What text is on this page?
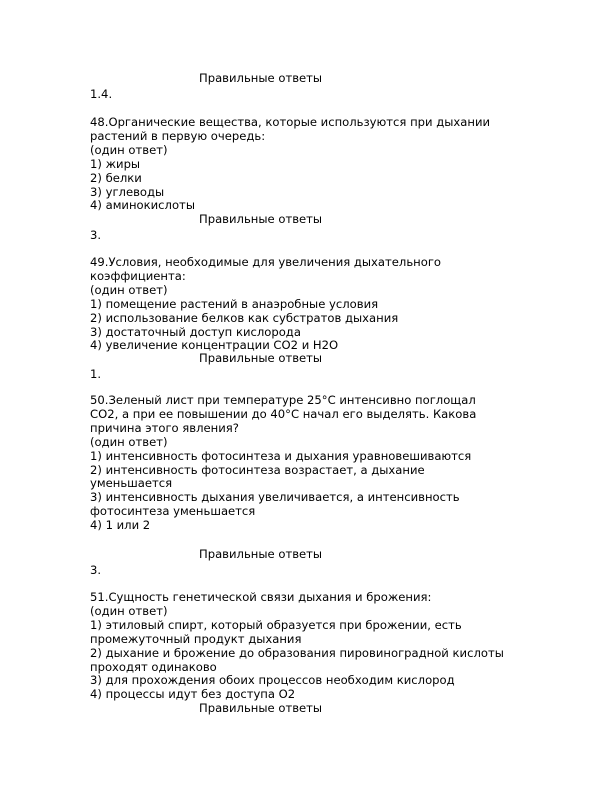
Правильные ответы
1.4.
48.Органические вещества, которые используются при дыхании
растений в первую очередь:
(один ответ)
1) жиры
2) белки
3) углеводы
4) аминокислоты
Правильные ответы
3.
49.Условия, необходимые для увеличения дыхательного
коэффициента:
(один ответ)
1) помещение растений в анаэробные условия
2) использование белков как субстратов дыхания
3) достаточный доступ кислорода
4) увеличение концентрации CO2 и H2O
Правильные ответы
1.
50.Зеленый лист при температуре 25°С интенсивно поглощал
CO2, а при ее повышении до 40°С начал его выделять. Какова
причина этого явления?
(один ответ)
1) интенсивность фотосинтеза и дыхания уравновешиваются
2) интенсивность фотосинтеза возрастает, а дыхание
уменьшается
3) интенсивность дыхания увеличивается, а интенсивность
фотосинтеза уменьшается
4) 1 или 2
Правильные ответы
3.
51.Сущность генетической связи дыхания и брожения:
(один ответ)
1) этиловый спирт, который образуется при брожении, есть
промежуточный продукт дыхания
2) дыхание и брожение до образования пировиноградной кислоты
проходят одинаково
3) для прохождения обоих процессов необходим кислород
4) процессы идут без доступа O2
Правильные ответы
